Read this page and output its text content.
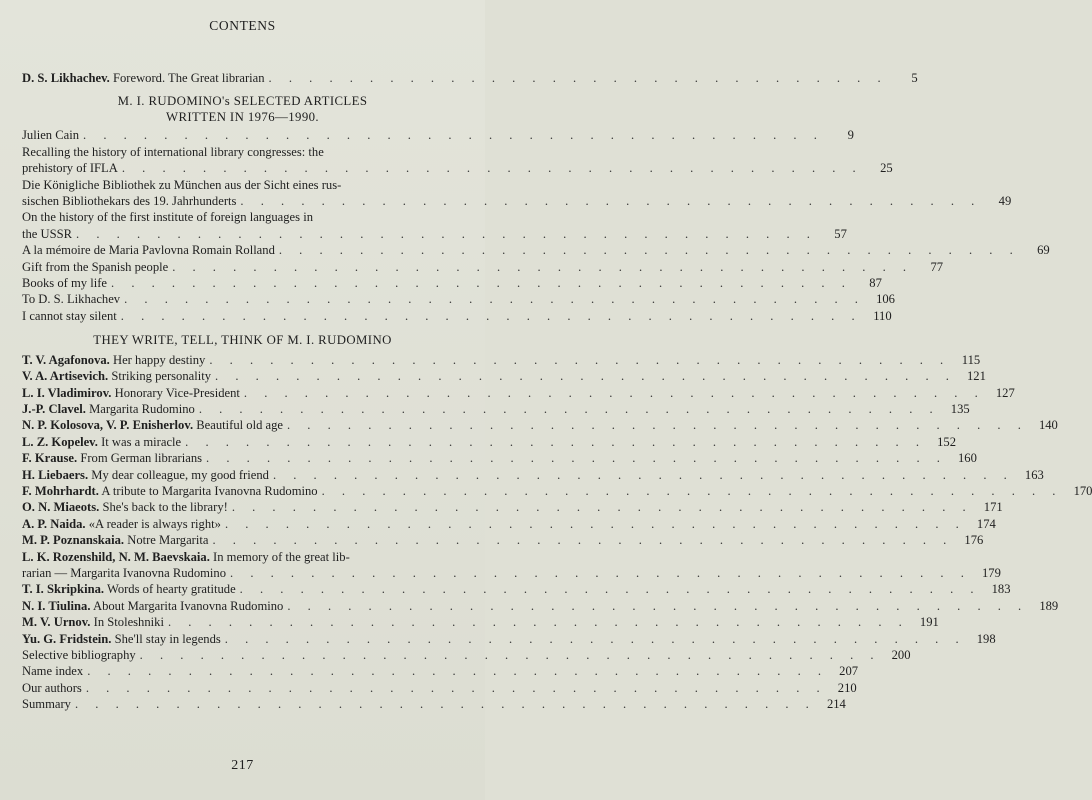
CONTENS
D. S. Likhachev. Foreword. The Great librarian . . . . . . . . . . . . . . . . . . . . . . . . . . . . . . .	5
M. I. RUDOMINO's SELECTED ARTICLES
WRITTEN IN 1976—1990.
Julien Cain . . . . . . . . . . . . . . . . . . . . . . . . . . . . . . . . . . . . .	9
Recalling the history of international library congresses: the
prehistory of IFLA . . . . . . . . . . . . . . . . . . . . . . . . . . . . . . . . . . . . .	25
Die Königliche Bibliothek zu München aus der Sicht eines rus-
sischen Bibliothekars des 19. Jahrhunderts . . . . . . . . . . . . . . . . . . . . . . . . . . . . . . . . . . . . .	49
On the history of the first institute of foreign languages in
the USSR . . . . . . . . . . . . . . . . . . . . . . . . . . . . . . . . . . . . .	57
A la mémoire de Maria Pavlovna Romain Rolland . . . . . . . . . . . . . . . . . . . . . . . . . . . . . . . . . . . . .	69
Gift from the Spanish people . . . . . . . . . . . . . . . . . . . . . . . . . . . . . . . . . . . . .	77
Books of my life . . . . . . . . . . . . . . . . . . . . . . . . . . . . . . . . . . . . .	87
To D. S. Likhachev . . . . . . . . . . . . . . . . . . . . . . . . . . . . . . . . . . . . . 106
I cannot stay silent . . . . . . . . . . . . . . . . . . . . . . . . . . . . . . . . . . . . . 110
THEY WRITE, TELL, THINK OF M. I. RUDOMINO
T. V. Agafonova. Her happy destiny . . . . . . . . . . . . . . . . . . . . . . . . . . . . . . . . . . . . . 115
V. A. Artisevich. Striking personality . . . . . . . . . . . . . . . . . . . . . . . . . . . . . . . . . . . . . 121
L. I. Vladimirov. Honorary Vice-President . . . . . . . . . . . . . . . . . . . . . . . . . . . . . . . . . . . . . 127
J.-P. Clavel. Margarita Rudomino . . . . . . . . . . . . . . . . . . . . . . . . . . . . . . . . . . . . . 135
N. P. Kolosova, V. P. Enisherlov. Beautiful old age . . . . . . . . . . . . . . . . . . . . . . . . . . . . . . . . . . . . . 140
L. Z. Kopelev. It was a miracle . . . . . . . . . . . . . . . . . . . . . . . . . . . . . . . . . . . . . 152
F. Krause. From German librarians . . . . . . . . . . . . . . . . . . . . . . . . . . . . . . . . . . . . . 160
H. Liebaers. My dear colleague, my good friend . . . . . . . . . . . . . . . . . . . . . . . . . . . . . . . . . . . . . 163
F. Mohrhardt. A tribute to Margarita Ivanovna Rudomino . . . . . . . . . . . . . . . . . . . . . . . . . . . . . . . . . . . . . 170
O. N. Miaeots. She's back to the library! . . . . . . . . . . . . . . . . . . . . . . . . . . . . . . . . . . . . . 171
A. P. Naida. «A reader is always right» . . . . . . . . . . . . . . . . . . . . . . . . . . . . . . . . . . . . . 174
M. P. Poznanskaia. Notre Margarita . . . . . . . . . . . . . . . . . . . . . . . . . . . . . . . . . . . . . 176
L. K. Rozenshild, N. M. Baevskaia. In memory of the great lib-
rarian — Margarita Ivanovna Rudomino . . . . . . . . . . . . . . . . . . . . . . . . . . . . . . . . . . . . . 179
T. I. Skripkina. Words of hearty gratitude . . . . . . . . . . . . . . . . . . . . . . . . . . . . . . . . . . . . . 183
N. I. Tiulina. About Margarita Ivanovna Rudomino . . . . . . . . . . . . . . . . . . . . . . . . . . . . . . . . . . . . . 189
M. V. Urnov. In Stoleshniki . . . . . . . . . . . . . . . . . . . . . . . . . . . . . . . . . . . . . 191
Yu. G. Fridstein. She'll stay in legends . . . . . . . . . . . . . . . . . . . . . . . . . . . . . . . . . . . . . 198
Selective bibliography . . . . . . . . . . . . . . . . . . . . . . . . . . . . . . . . . . . . . 200
Name index . . . . . . . . . . . . . . . . . . . . . . . . . . . . . . . . . . . . . 207
Our authors . . . . . . . . . . . . . . . . . . . . . . . . . . . . . . . . . . . . . 210
Summary . . . . . . . . . . . . . . . . . . . . . . . . . . . . . . . . . . . . . 214
217
